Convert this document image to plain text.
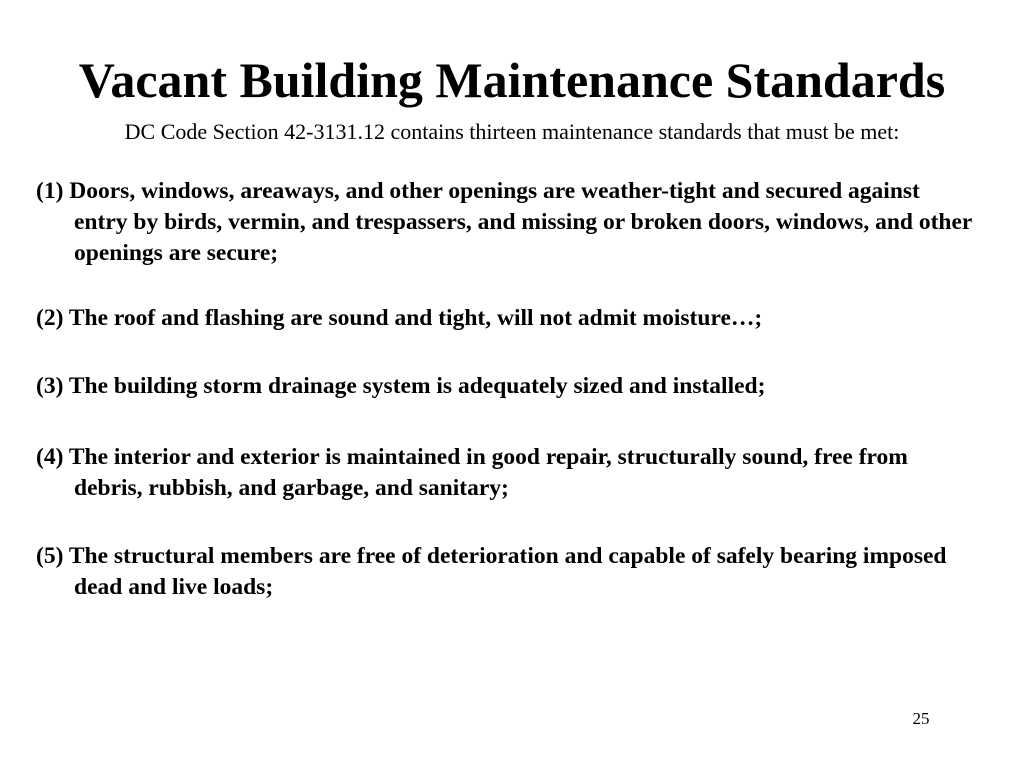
Vacant Building Maintenance Standards
DC Code Section 42-3131.12 contains thirteen maintenance standards that must be met:
(1) Doors, windows, areaways, and other openings are weather-tight and secured against entry by birds, vermin, and trespassers, and missing or broken doors, windows, and other openings are secure;
(2) The roof and flashing are sound and tight, will not admit moisture…;
(3) The building storm drainage system is adequately sized and installed;
(4) The interior and exterior is maintained in good repair, structurally sound, free from debris, rubbish, and garbage, and sanitary;
(5) The structural members are free of deterioration and capable of safely bearing imposed dead and live loads;
25
